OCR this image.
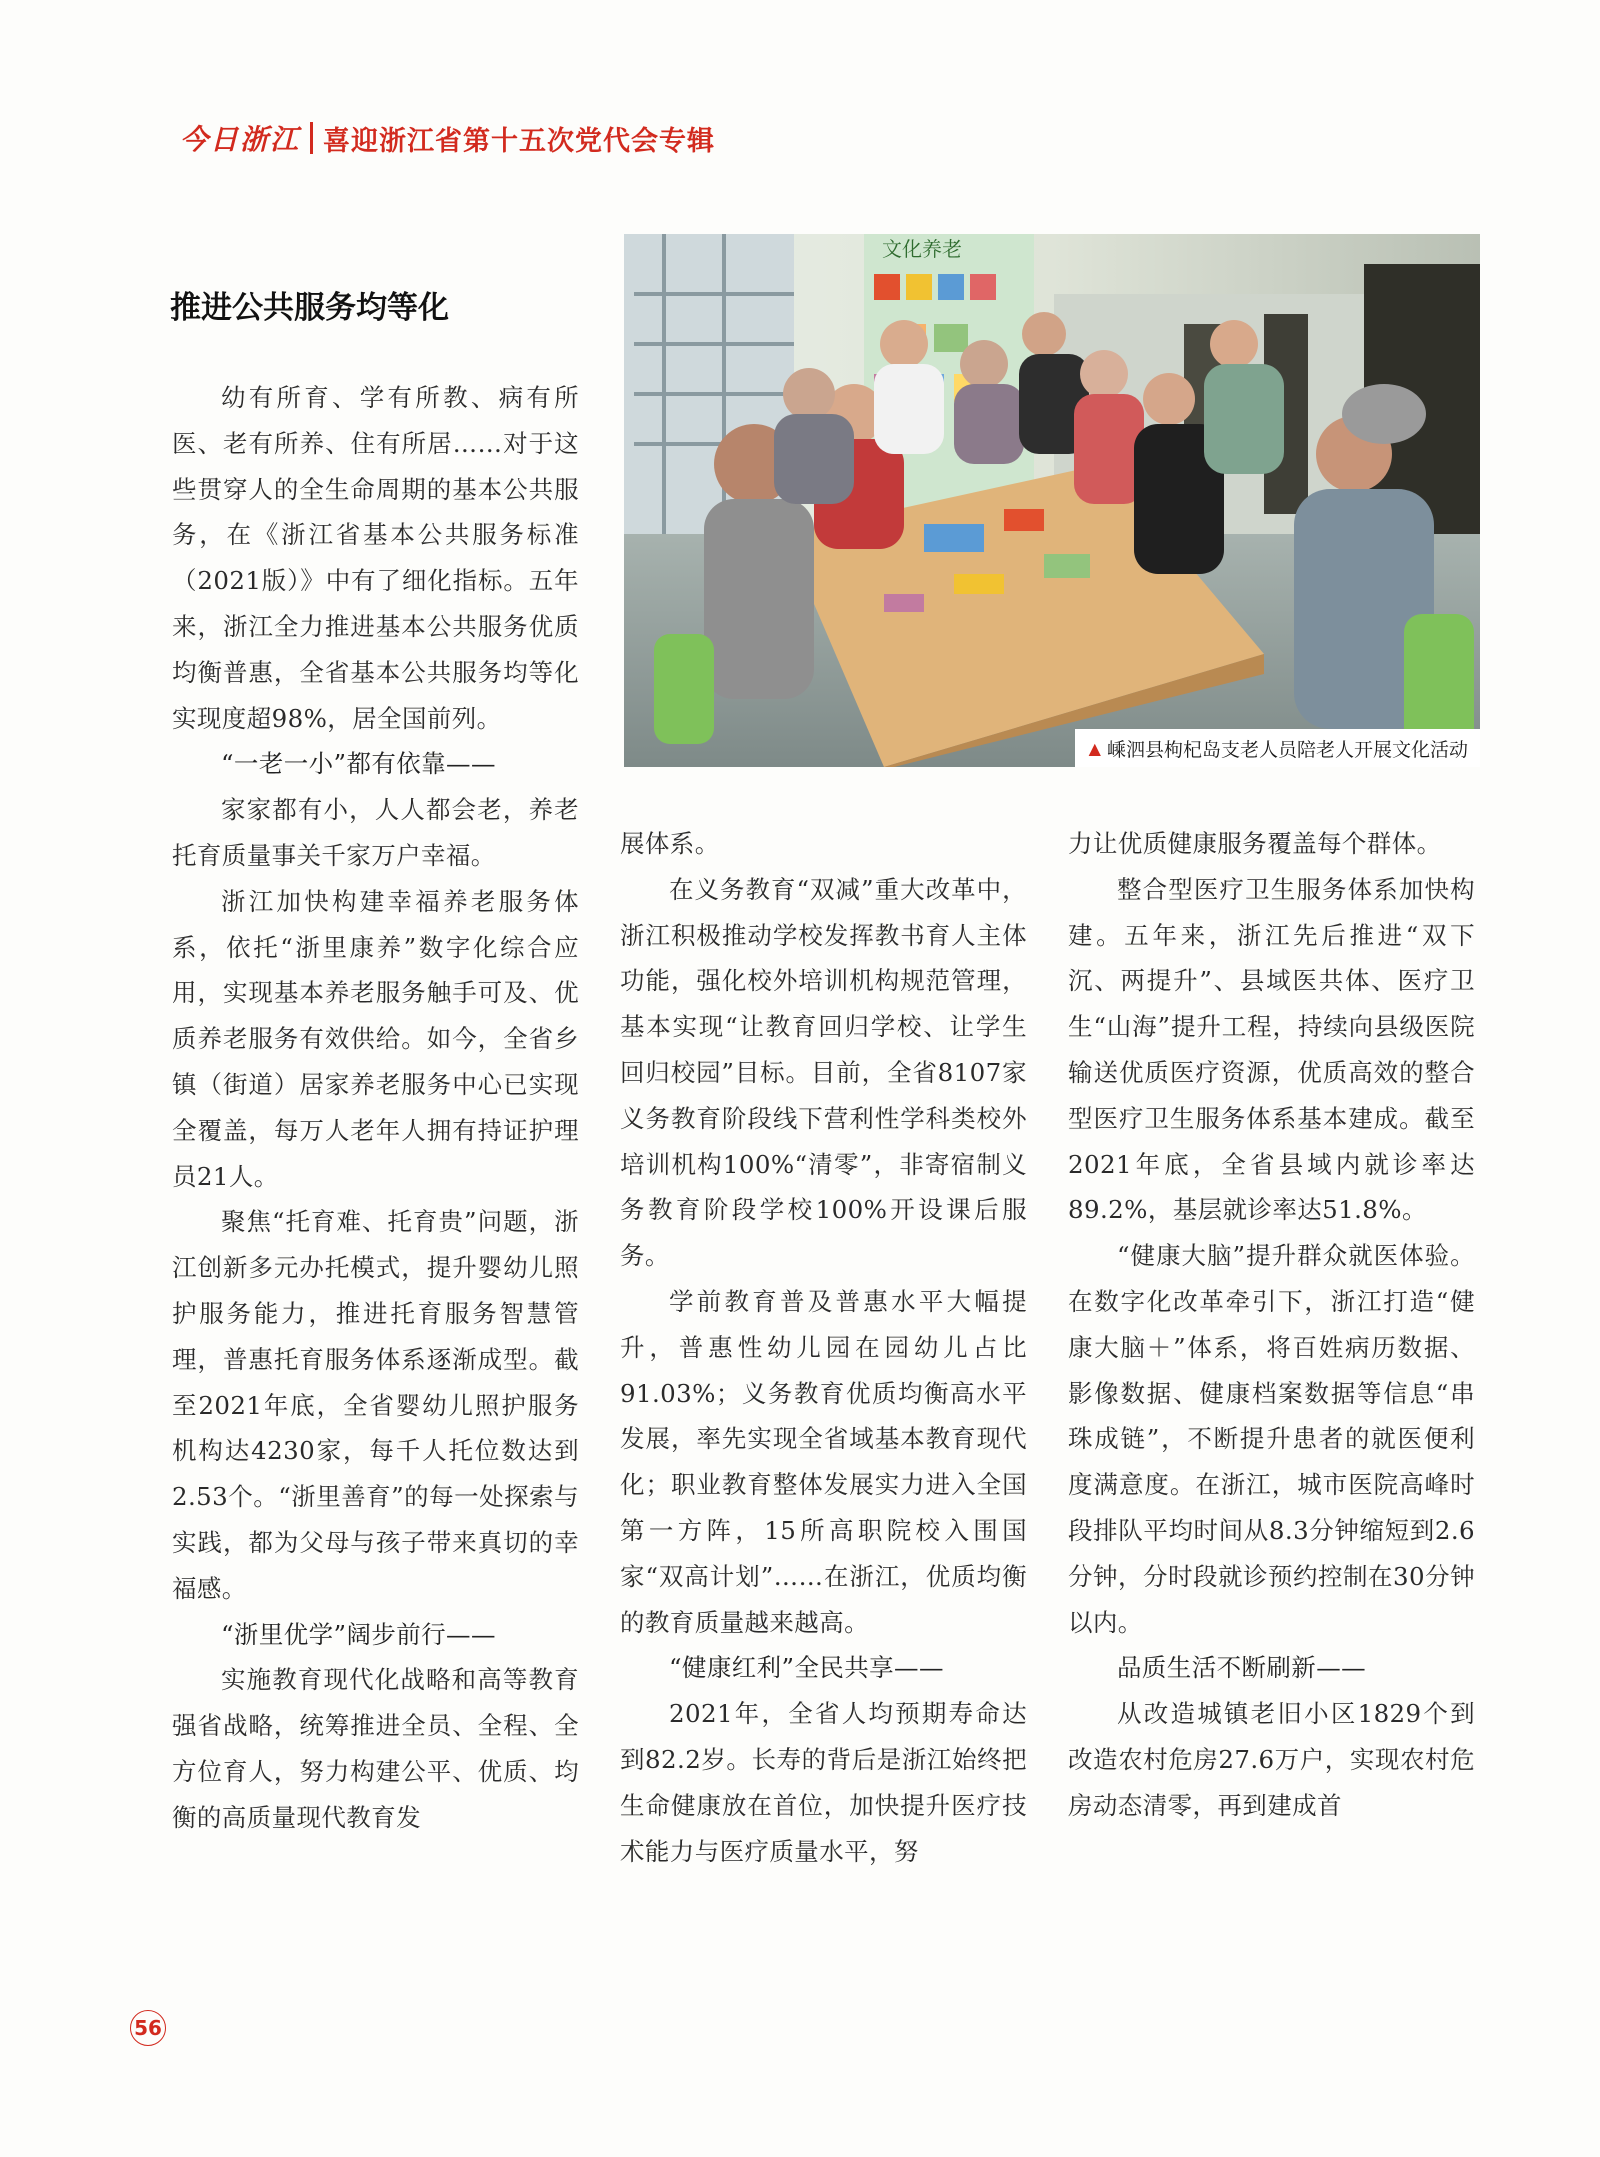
今日浙江 喜迎浙江省第十五次党代会专辑
推进公共服务均等化
文化养老
▲ 嵊泗县枸杞岛支老人员陪老人开展文化活动

幼有所育、学有所教、病有所医、老有所养、住有所居……对于这些贯穿人的全生命周期的基本公共服务，在《浙江省基本公共服务标准（2021版）》中有了细化指标。五年来，浙江全力推进基本公共服务优质均衡普惠，全省基本公共服务均等化实现度超98%，居全国前列。

“一老一小”都有依靠——

家家都有小，人人都会老，养老托育质量事关千家万户幸福。

浙江加快构建幸福养老服务体系，依托“浙里康养”数字化综合应用，实现基本养老服务触手可及、优质养老服务有效供给。如今，全省乡镇（街道）居家养老服务中心已实现全覆盖，每万人老年人拥有持证护理员21人。

聚焦“托育难、托育贵”问题，浙江创新多元办托模式，提升婴幼儿照护服务能力，推进托育服务智慧管理，普惠托育服务体系逐渐成型。截至2021年底，全省婴幼儿照护服务机构达4230家，每千人托位数达到2.53个。“浙里善育”的每一处探索与实践，都为父母与孩子带来真切的幸福感。

“浙里优学”阔步前行——

实施教育现代化战略和高等教育强省战略，统筹推进全员、全程、全方位育人，努力构建公平、优质、均衡的高质量现代教育发

展体系。

在义务教育“双减”重大改革中，浙江积极推动学校发挥教书育人主体功能，强化校外培训机构规范管理，基本实现“让教育回归学校、让学生回归校园”目标。目前，全省8107家义务教育阶段线下营利性学科类校外培训机构100%“清零”，非寄宿制义务教育阶段学校100%开设课后服务。

学前教育普及普惠水平大幅提升，普惠性幼儿园在园幼儿占比91.03%；义务教育优质均衡高水平发展，率先实现全省域基本教育现代化；职业教育整体发展实力进入全国第一方阵，15所高职院校入围国家“双高计划”……在浙江，优质均衡的教育质量越来越高。

“健康红利”全民共享——

2021年，全省人均预期寿命达到82.2岁。长寿的背后是浙江始终把生命健康放在首位，加快提升医疗技术能力与医疗质量水平，努

力让优质健康服务覆盖每个群体。

整合型医疗卫生服务体系加快构建。五年来，浙江先后推进“双下沉、两提升”、县域医共体、医疗卫生“山海”提升工程，持续向县级医院输送优质医疗资源，优质高效的整合型医疗卫生服务体系基本建成。截至2021年底，全省县域内就诊率达89.2%，基层就诊率达51.8%。

“健康大脑”提升群众就医体验。在数字化改革牵引下，浙江打造“健康大脑＋”体系，将百姓病历数据、影像数据、健康档案数据等信息“串珠成链”，不断提升患者的就医便利度满意度。在浙江，城市医院高峰时段排队平均时间从8.3分钟缩短到2.6分钟，分时段就诊预约控制在30分钟以内。

品质生活不断刷新——

从改造城镇老旧小区1829个到改造农村危房27.6万户，实现农村危房动态清零，再到建成首

56
